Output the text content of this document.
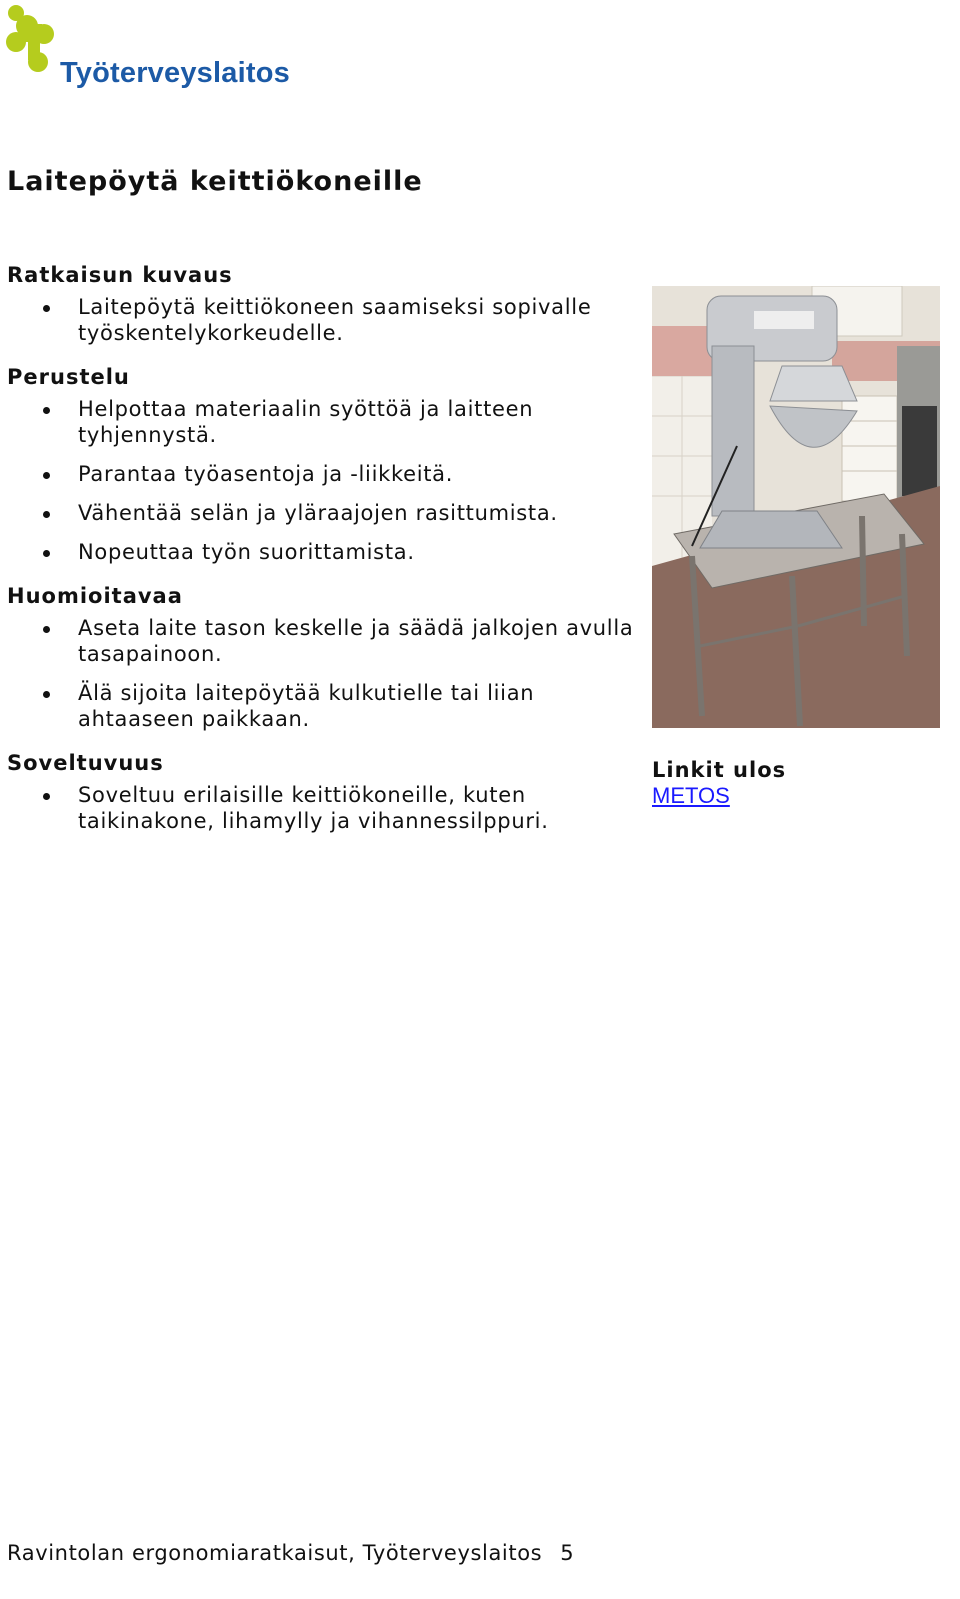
Työterveyslaitos
Laitepöytä keittiökoneille
Ratkaisun kuvaus
Laitepöytä keittiökoneen saamiseksi sopivalle työskentelykorkeudelle.
Perustelu
Helpottaa materiaalin syöttöä ja laitteen tyhjennystä.
Parantaa työasentoja ja -liikkeitä.
Vähentää selän ja yläraajojen rasittumista.
Nopeuttaa työn suorittamista.
Huomioitavaa
Aseta laite tason keskelle ja säädä jalkojen avulla tasapainoon.
Älä sijoita laitepöytää kulkutielle tai liian ahtaaseen paikkaan.
Soveltuvuus
Soveltuu erilaisille keittiökoneille, kuten taikinakone, lihamylly ja vihannessilppuri.
Linkit ulos
METOS
Ravintolan ergonomiaratkaisut, Työterveyslaitos 5
